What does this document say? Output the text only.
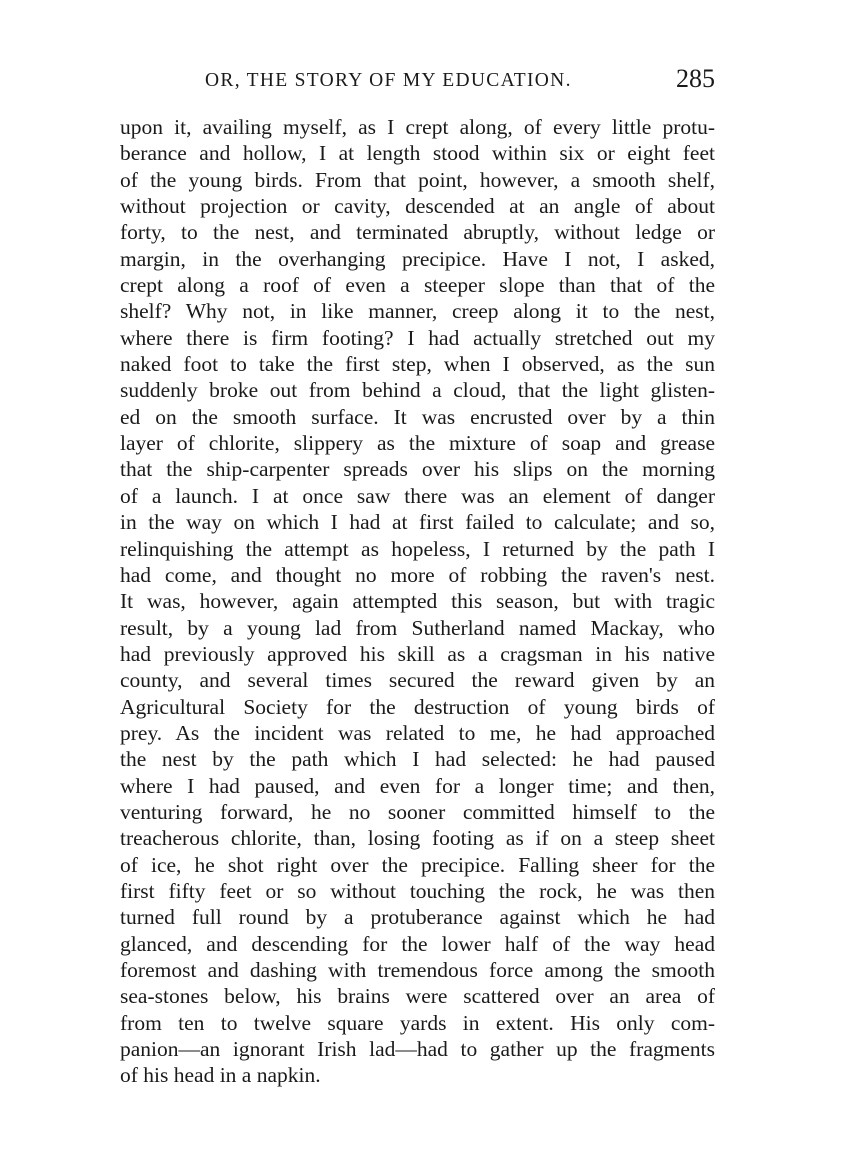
OR, THE STORY OF MY EDUCATION.	285
upon it, availing myself, as I crept along, of every little protu-
berance and hollow, I at length stood within six or eight feet
of the young birds. From that point, however, a smooth shelf,
without projection or cavity, descended at an angle of about
forty, to the nest, and terminated abruptly, without ledge or
margin, in the overhanging precipice. Have I not, I asked,
crept along a roof of even a steeper slope than that of the
shelf? Why not, in like manner, creep along it to the nest,
where there is firm footing? I had actually stretched out my
naked foot to take the first step, when I observed, as the sun
suddenly broke out from behind a cloud, that the light glisten-
ed on the smooth surface. It was encrusted over by a thin
layer of chlorite, slippery as the mixture of soap and grease
that the ship-carpenter spreads over his slips on the morning
of a launch. I at once saw there was an element of danger
in the way on which I had at first failed to calculate; and so,
relinquishing the attempt as hopeless, I returned by the path I
had come, and thought no more of robbing the raven's nest.
It was, however, again attempted this season, but with tragic
result, by a young lad from Sutherland named Mackay, who
had previously approved his skill as a cragsman in his native
county, and several times secured the reward given by an
Agricultural Society for the destruction of young birds of
prey. As the incident was related to me, he had approached
the nest by the path which I had selected: he had paused
where I had paused, and even for a longer time; and then,
venturing forward, he no sooner committed himself to the
treacherous chlorite, than, losing footing as if on a steep sheet
of ice, he shot right over the precipice. Falling sheer for the
first fifty feet or so without touching the rock, he was then
turned full round by a protuberance against which he had
glanced, and descending for the lower half of the way head
foremost and dashing with tremendous force among the smooth
sea-stones below, his brains were scattered over an area of
from ten to twelve square yards in extent. His only com-
panion—an ignorant Irish lad—had to gather up the fragments
of his head in a napkin.
